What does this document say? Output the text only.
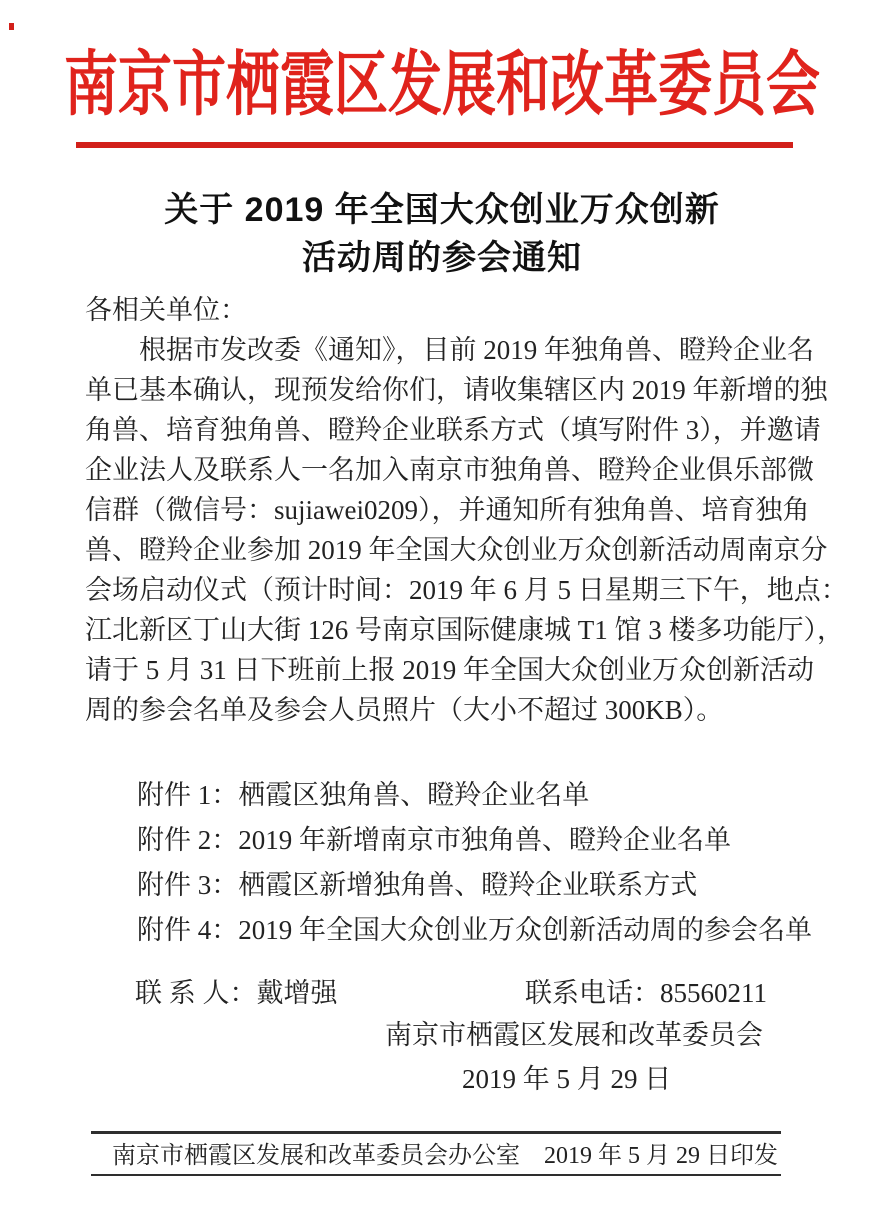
南京市栖霞区发展和改革委员会
关于 2019 年全国大众创业万众创新
活动周的参会通知
各相关单位：
　　根据市发改委《通知》，目前 2019 年独角兽、瞪羚企业名
单已基本确认，现预发给你们，请收集辖区内 2019 年新增的独
角兽、培育独角兽、瞪羚企业联系方式（填写附件 3），并邀请
企业法人及联系人一名加入南京市独角兽、瞪羚企业俱乐部微
信群（微信号：sujiawei0209），并通知所有独角兽、培育独角
兽、瞪羚企业参加 2019 年全国大众创业万众创新活动周南京分
会场启动仪式（预计时间：2019 年 6 月 5 日星期三下午，地点：
江北新区丁山大街 126 号南京国际健康城 T1 馆 3 楼多功能厅），
请于 5 月 31 日下班前上报 2019 年全国大众创业万众创新活动
周的参会名单及参会人员照片（大小不超过 300KB）。
附件 1：栖霞区独角兽、瞪羚企业名单
附件 2：2019 年新增南京市独角兽、瞪羚企业名单
附件 3：栖霞区新增独角兽、瞪羚企业联系方式
附件 4：2019 年全国大众创业万众创新活动周的参会名单
联 系 人：戴增强	联系电话：85560211
南京市栖霞区发展和改革委员会
2019 年 5 月 29 日
南京市栖霞区发展和改革委员会办公室	2019 年 5 月 29 日印发
